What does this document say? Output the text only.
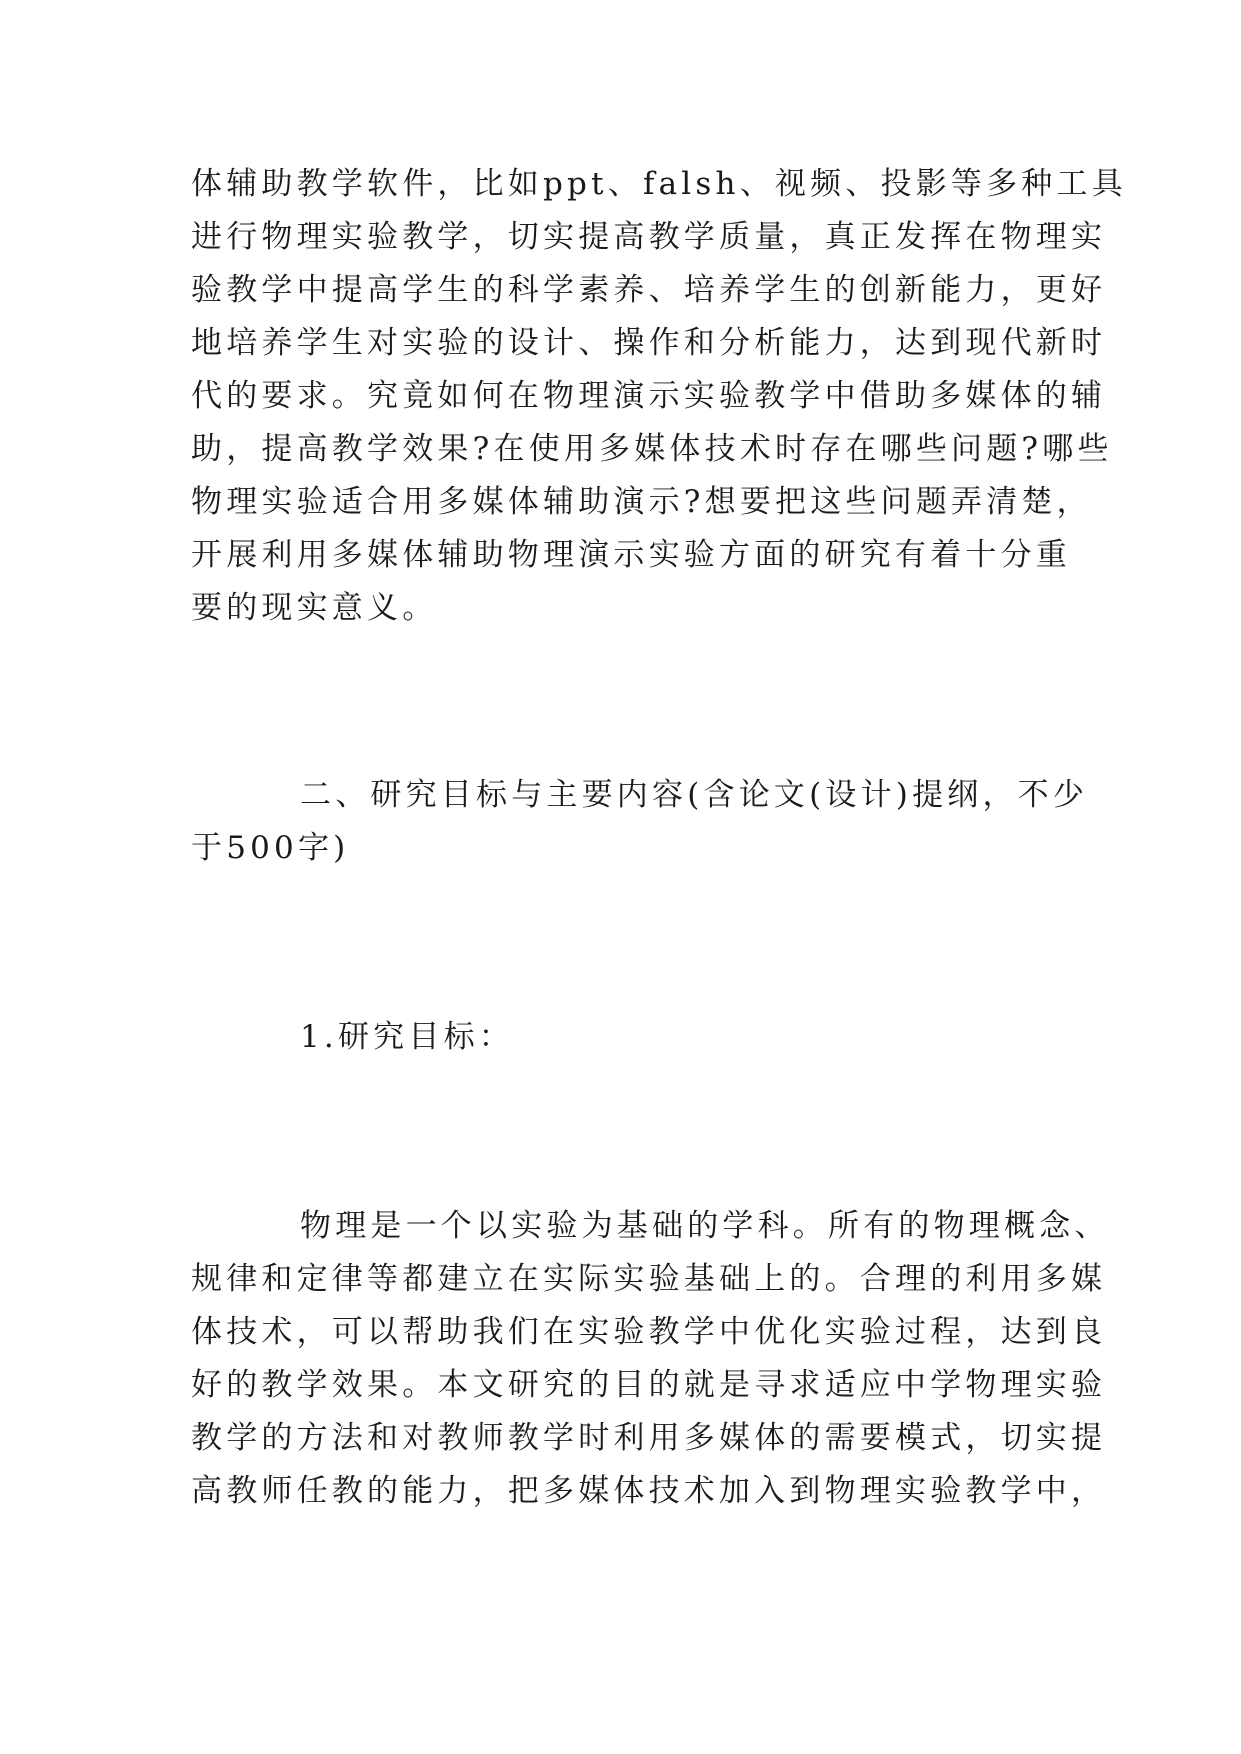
体辅助教学软件，比如ppt、falsh、视频、投影等多种工具
进行物理实验教学，切实提高教学质量，真正发挥在物理实
验教学中提高学生的科学素养、培养学生的创新能力，更好
地培养学生对实验的设计、操作和分析能力，达到现代新时
代的要求。究竟如何在物理演示实验教学中借助多媒体的辅
助，提高教学效果?在使用多媒体技术时存在哪些问题?哪些
物理实验适合用多媒体辅助演示?想要把这些问题弄清楚，
开展利用多媒体辅助物理演示实验方面的研究有着十分重
要的现实意义。
二、研究目标与主要内容(含论文(设计)提纲，不少
于500字)
1.研究目标：
物理是一个以实验为基础的学科。所有的物理概念、
规律和定律等都建立在实际实验基础上的。合理的利用多媒
体技术，可以帮助我们在实验教学中优化实验过程，达到良
好的教学效果。本文研究的目的就是寻求适应中学物理实验
教学的方法和对教师教学时利用多媒体的需要模式，切实提
高教师任教的能力，把多媒体技术加入到物理实验教学中，
